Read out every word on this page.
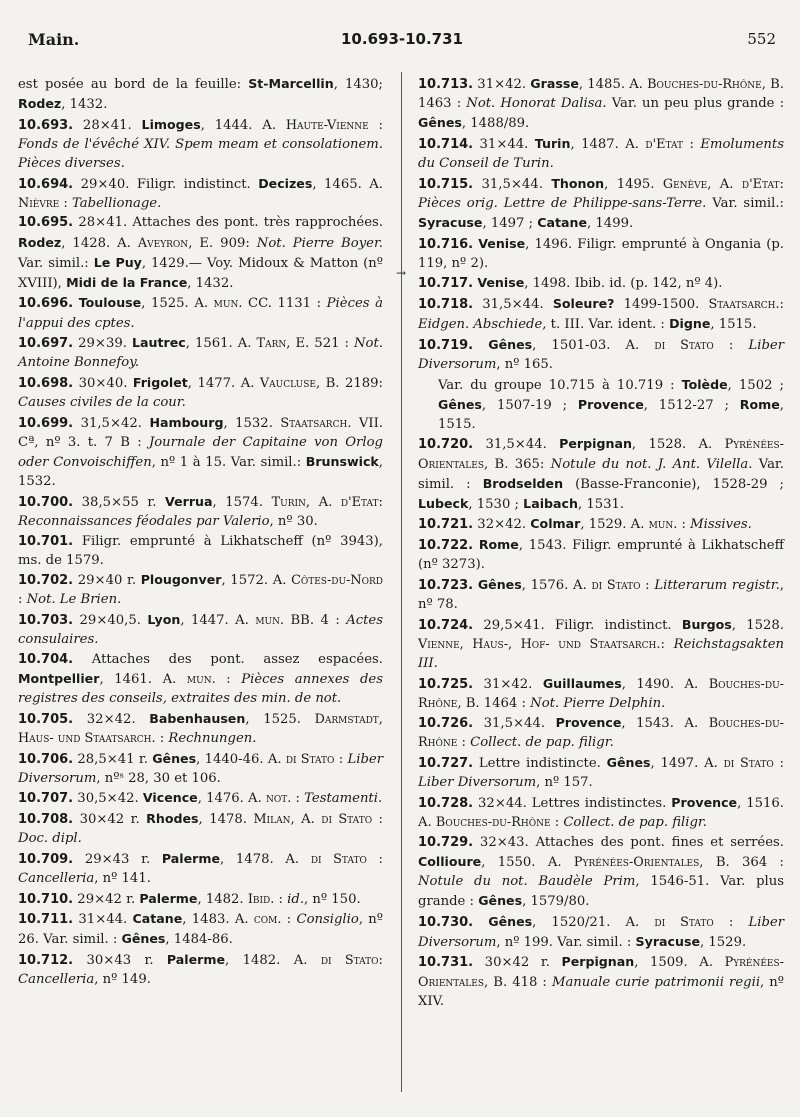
Main.	10.693-10.731	552
→
est posée au bord de la feuille: St-Marcellin, 1430; Rodez, 1432.
10.693. 28×41. Limoges, 1444. A. Haute-Vienne : Fonds de l'évêché XIV. Spem meam et consolationem. Pièces diverses.
10.694. 29×40. Filigr. indistinct. Decizes, 1465. A. Nièvre : Tabellionage.
10.695. 28×41. Attaches des pont. très rapprochées. Rodez, 1428. A. Aveyron, E. 909: Not. Pierre Boyer. Var. simil.: Le Puy, 1429.— Voy. Midoux & Matton (nº XVIII), Midi de la France, 1432.
10.696. Toulouse, 1525. A. mun. CC. 1131 : Pièces à l'appui des cptes.
10.697. 29×39. Lautrec, 1561. A. Tarn, E. 521 : Not. Antoine Bonnefoy.
10.698. 30×40. Frigolet, 1477. A. Vaucluse, B. 2189: Causes civiles de la cour.
10.699. 31,5×42. Hambourg, 1532. Staatsarch. VII. Cª, nº 3. t. 7 B : Journale der Capitaine von Orlog oder Convoischiffen, nº 1 à 15. Var. simil.: Brunswick, 1532.
10.700. 38,5×55 r. Verrua, 1574. Turin, A. d'Etat: Reconnaissances féodales par Valerio, nº 30.
10.701. Filigr. emprunté à Likhatscheff (nº 3943), ms. de 1579.
10.702. 29×40 r. Plougonver, 1572. A. Côtes-du-Nord : Not. Le Brien.
10.703. 29×40,5. Lyon, 1447. A. mun. BB. 4 : Actes consulaires.
10.704. Attaches des pont. assez espacées. Montpellier, 1461. A. mun. : Pièces annexes des registres des conseils, extraites des min. de not.
10.705. 32×42. Babenhausen, 1525. Darmstadt, Haus- und Staatsarch. : Rechnungen.
10.706. 28,5×41 r. Gênes, 1440-46. A. di Stato : Liber Diversorum, nºˢ 28, 30 et 106.
10.707. 30,5×42. Vicence, 1476. A. not. : Testamenti.
10.708. 30×42 r. Rhodes, 1478. Milan, A. di Stato : Doc. dipl.
10.709. 29×43 r. Palerme, 1478. A. di Stato : Cancelleria, nº 141.
10.710. 29×42 r. Palerme, 1482. Ibid. : id., nº 150.
10.711. 31×44. Catane, 1483. A. com. : Consiglio, nº 26. Var. simil. : Gênes, 1484-86.
10.712. 30×43 r. Palerme, 1482. A. di Stato: Cancelleria, nº 149.
10.713. 31×42. Grasse, 1485. A. Bouches-du-Rhône, B. 1463 : Not. Honorat Dalisa. Var. un peu plus grande : Gênes, 1488/89.
10.714. 31×44. Turin, 1487. A. d'Etat : Emoluments du Conseil de Turin.
10.715. 31,5×44. Thonon, 1495. Genève, A. d'Etat: Pièces orig. Lettre de Philippe-sans-Terre. Var. simil.: Syracuse, 1497 ; Catane, 1499.
10.716. Venise, 1496. Filigr. emprunté à Ongania (p. 119, nº 2).
10.717. Venise, 1498. Ibib. id. (p. 142, nº 4).
10.718. 31,5×44. Soleure? 1499-1500. Staatsarch.: Eidgen. Abschiede, t. III. Var. ident. : Digne, 1515.
10.719. Gênes, 1501-03. A. di Stato : Liber Diversorum, nº 165.
Var. du groupe 10.715 à 10.719 : Tolède, 1502 ; Gênes, 1507-19 ; Provence, 1512-27 ; Rome, 1515.
10.720. 31,5×44. Perpignan, 1528. A. Pyrénées-Orientales, B. 365: Notule du not. J. Ant. Vilella. Var. simil. : Brodselden (Basse-Franconie), 1528-29 ; Lubeck, 1530 ; Laibach, 1531.
10.721. 32×42. Colmar, 1529. A. mun. : Missives.
10.722. Rome, 1543. Filigr. emprunté à Likhatscheff (nº 3273).
10.723. Gênes, 1576. A. di Stato : Litterarum registr., nº 78.
10.724. 29,5×41. Filigr. indistinct. Burgos, 1528. Vienne, Haus-, Hof- und Staatsarch.: Reichstagsakten III.
10.725. 31×42. Guillaumes, 1490. A. Bouches-du-Rhône, B. 1464 : Not. Pierre Delphin.
10.726. 31,5×44. Provence, 1543. A. Bouches-du-Rhône : Collect. de pap. filigr.
10.727. Lettre indistincte. Gênes, 1497. A. di Stato : Liber Diversorum, nº 157.
10.728. 32×44. Lettres indistinctes. Provence, 1516. A. Bouches-du-Rhône : Collect. de pap. filigr.
10.729. 32×43. Attaches des pont. fines et serrées. Collioure, 1550. A. Pyrénées-Orientales, B. 364 : Notule du not. Baudèle Prim, 1546-51. Var. plus grande : Gênes, 1579/80.
10.730. Gênes, 1520/21. A. di Stato : Liber Diversorum, nº 199. Var. simil. : Syracuse, 1529.
10.731. 30×42 r. Perpignan, 1509. A. Pyrénées-Orientales, B. 418 : Manuale curie patrimonii regii, nº XIV.
